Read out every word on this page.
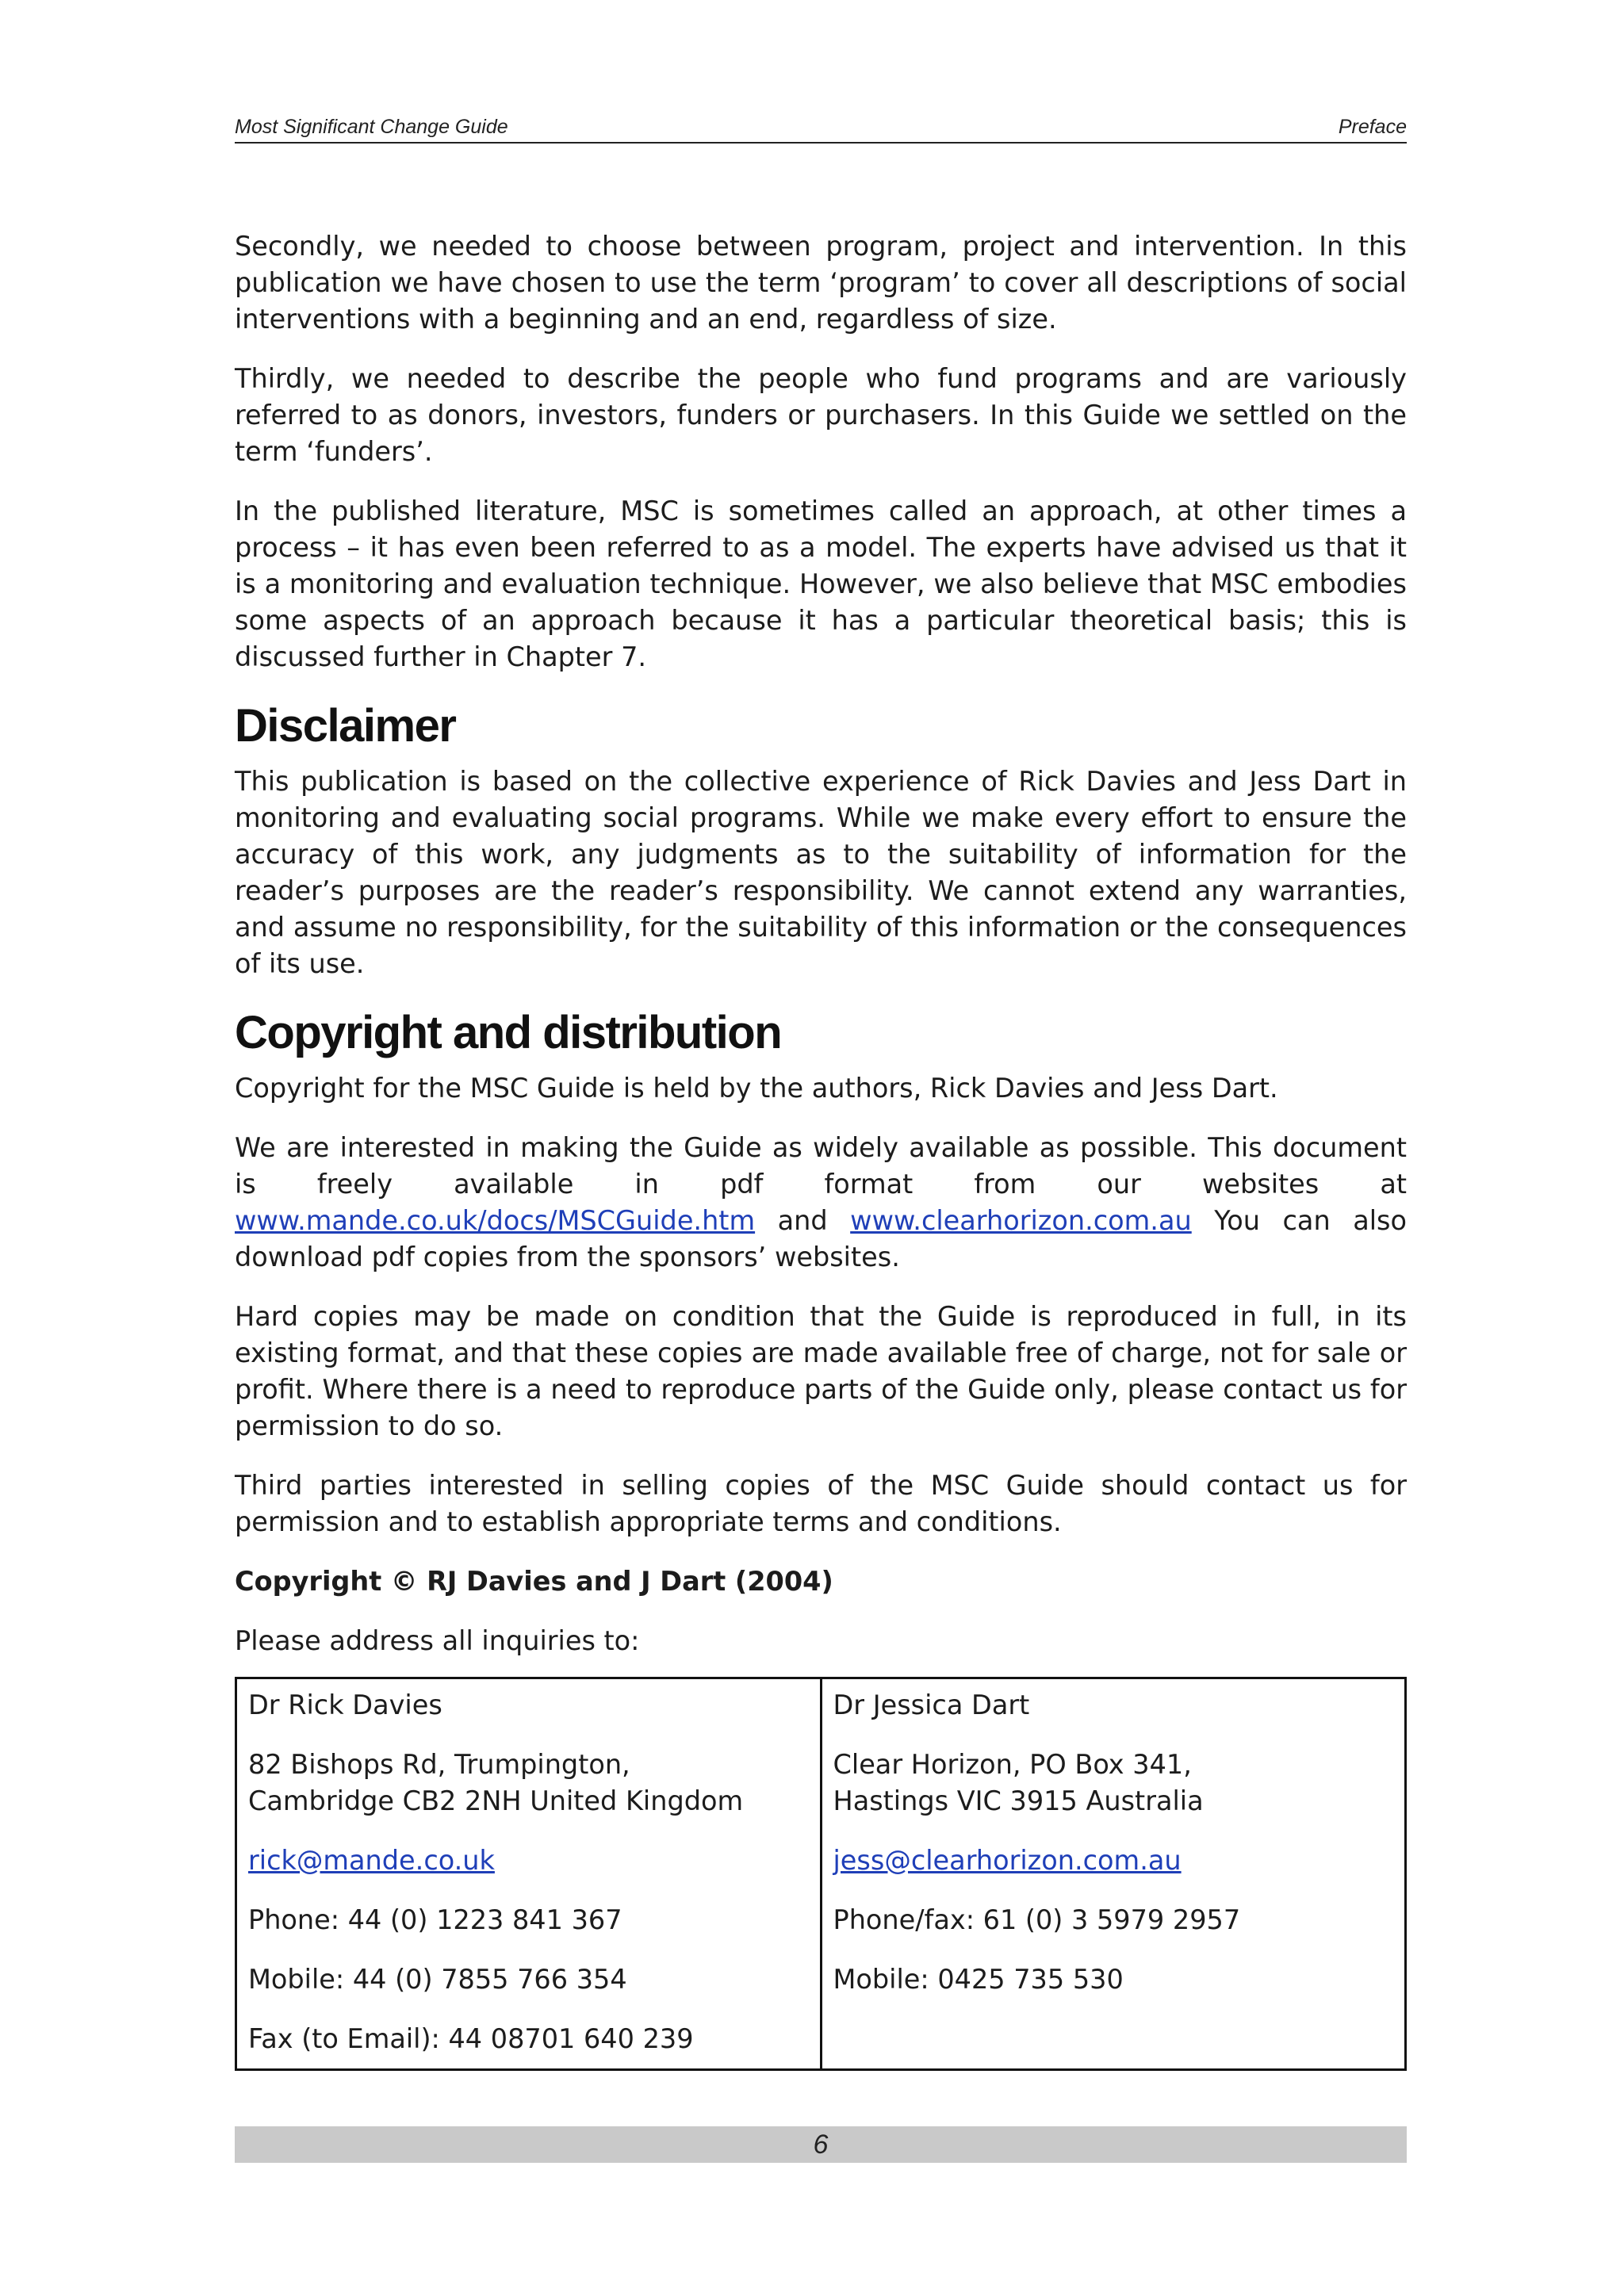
Most Significant Change Guide	Preface

Secondly, we needed to choose between program, project and intervention. In this publication we have chosen to use the term ‘program’ to cover all descriptions of social interventions with a beginning and an end, regardless of size.

Thirdly, we needed to describe the people who fund programs and are variously referred to as donors, investors, funders or purchasers. In this Guide we settled on the term ‘funders’.

In the published literature, MSC is sometimes called an approach, at other times a process – it has even been referred to as a model. The experts have advised us that it is a monitoring and evaluation technique. However, we also believe that MSC embodies some aspects of an approach because it has a particular theoretical basis; this is discussed further in Chapter 7.

Disclaimer

This publication is based on the collective experience of Rick Davies and Jess Dart in monitoring and evaluating social programs. While we make every effort to ensure the accuracy of this work, any judgments as to the suitability of information for the reader’s purposes are the reader’s responsibility. We cannot extend any warranties, and assume no responsibility, for the suitability of this information or the consequences of its use.

Copyright and distribution

Copyright for the MSC Guide is held by the authors, Rick Davies and Jess Dart.

We are interested in making the Guide as widely available as possible. This document is freely available in pdf format from our websites at www.mande.co.uk/docs/MSCGuide.htm and www.clearhorizon.com.au You can also download pdf copies from the sponsors’ websites.

Hard copies may be made on condition that the Guide is reproduced in full, in its existing format, and that these copies are made available free of charge, not for sale or profit. Where there is a need to reproduce parts of the Guide only, please contact us for permission to do so.

Third parties interested in selling copies of the MSC Guide should contact us for permission and to establish appropriate terms and conditions.

Copyright © RJ Davies and J Dart (2004)

Please address all inquiries to:

Dr Rick Davies
82 Bishops Rd, Trumpington,
Cambridge CB2 2NH United Kingdom
rick@mande.co.uk
Phone: 44 (0) 1223 841 367
Mobile: 44 (0) 7855 766 354
Fax (to Email): 44 08701 640 239

Dr Jessica Dart
Clear Horizon, PO Box 341,
Hastings VIC 3915 Australia
jess@clearhorizon.com.au
Phone/fax: 61 (0) 3 5979 2957
Mobile: 0425 735 530
6
